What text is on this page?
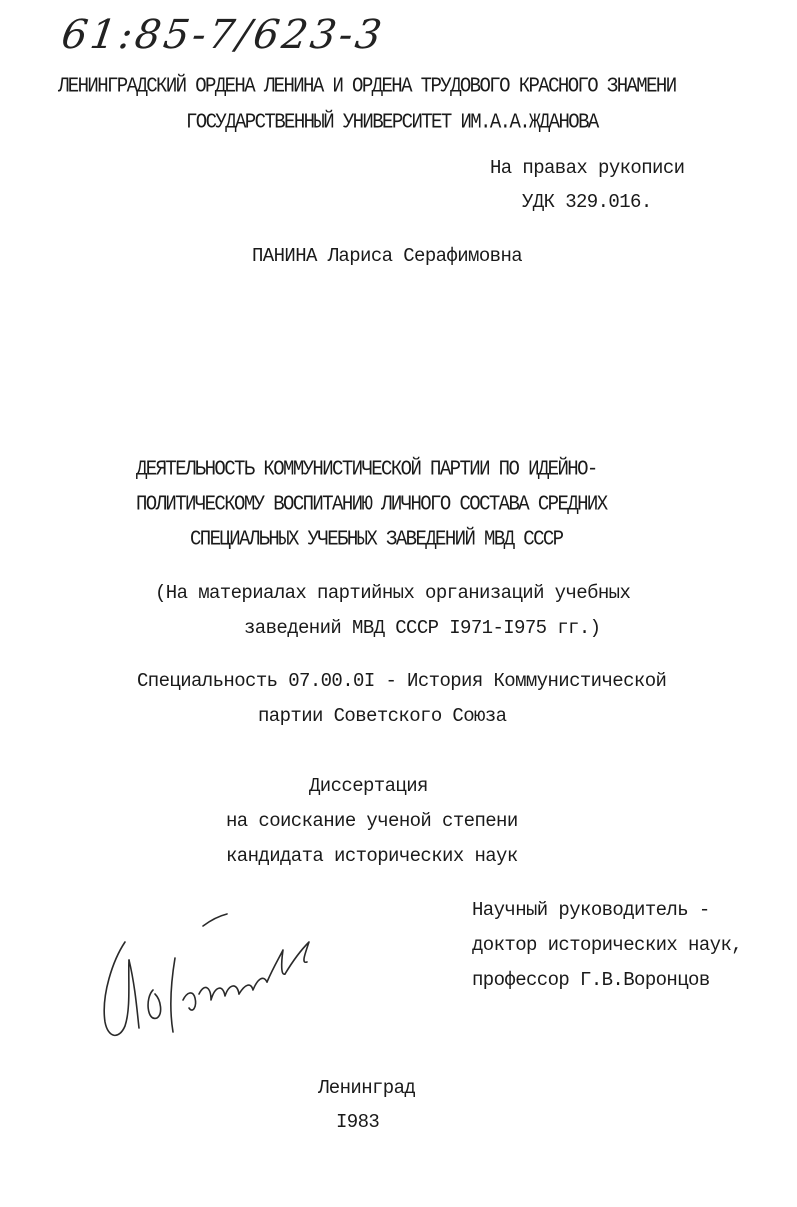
61:85-7/623-3
ЛЕНИНГРАДСКИЙ ОРДЕНА ЛЕНИНА И ОРДЕНА ТРУДОВОГО КРАСНОГО ЗНАМЕНИ
ГОСУДАРСТВЕННЫЙ УНИВЕРСИТЕТ ИМ.А.А.ЖДАНОВА
На правах рукописи
УДК 329.016.
ПАНИНА Лариса Серафимовна
ДЕЯТЕЛЬНОСТЬ КОММУНИСТИЧЕСКОЙ ПАРТИИ ПО ИДЕЙНО-
ПОЛИТИЧЕСКОМУ ВОСПИТАНИЮ ЛИЧНОГО СОСТАВА СРЕДНИХ
СПЕЦИАЛЬНЫХ УЧЕБНЫХ ЗАВЕДЕНИЙ МВД СССР
(На материалах партийных организаций учебных
заведений МВД СССР I971-I975 гг.)
Специальность 07.00.0I - История Коммунистической
партии Советского Союза
Диссертация
на соискание ученой степени
кандидата исторических наук
Научный руководитель -
доктор исторических наук,
профессор Г.В.Воронцов
Ленинград
I983
